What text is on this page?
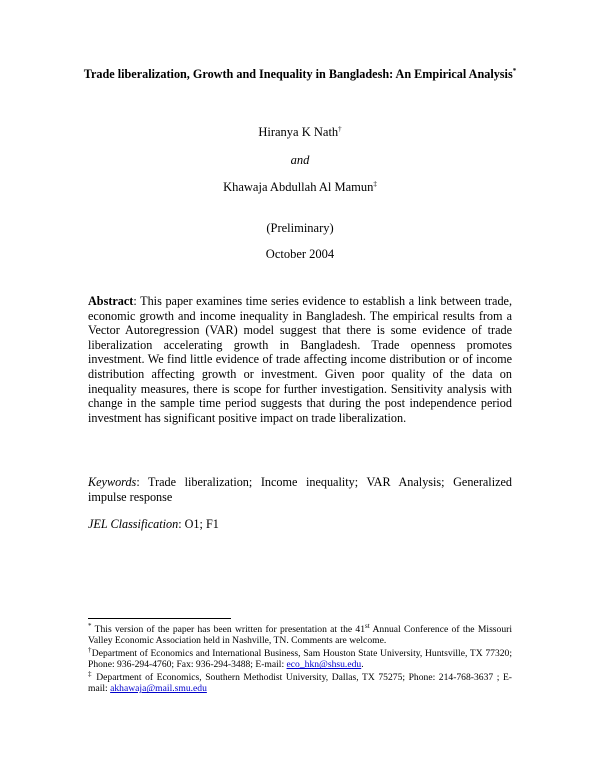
Trade liberalization, Growth and Inequality in Bangladesh: An Empirical Analysis*
Hiranya K Nath†
and
Khawaja Abdullah Al Mamun‡
(Preliminary)
October 2004
Abstract: This paper examines time series evidence to establish a link between trade, economic growth and income inequality in Bangladesh. The empirical results from a Vector Autoregression (VAR) model suggest that there is some evidence of trade liberalization accelerating growth in Bangladesh. Trade openness promotes investment. We find little evidence of trade affecting income distribution or of income distribution affecting growth or investment. Given poor quality of the data on inequality measures, there is scope for further investigation. Sensitivity analysis with change in the sample time period suggests that during the post independence period investment has significant positive impact on trade liberalization.
Keywords: Trade liberalization; Income inequality; VAR Analysis; Generalized impulse response
JEL Classification: O1; F1
* This version of the paper has been written for presentation at the 41st Annual Conference of the Missouri Valley Economic Association held in Nashville, TN. Comments are welcome.
†Department of Economics and International Business, Sam Houston State University, Huntsville, TX 77320; Phone: 936-294-4760; Fax: 936-294-3488; E-mail: eco_hkn@shsu.edu.
‡ Department of Economics, Southern Methodist University, Dallas, TX 75275; Phone: 214-768-3637 ; E-mail: akhawaja@mail.smu.edu
